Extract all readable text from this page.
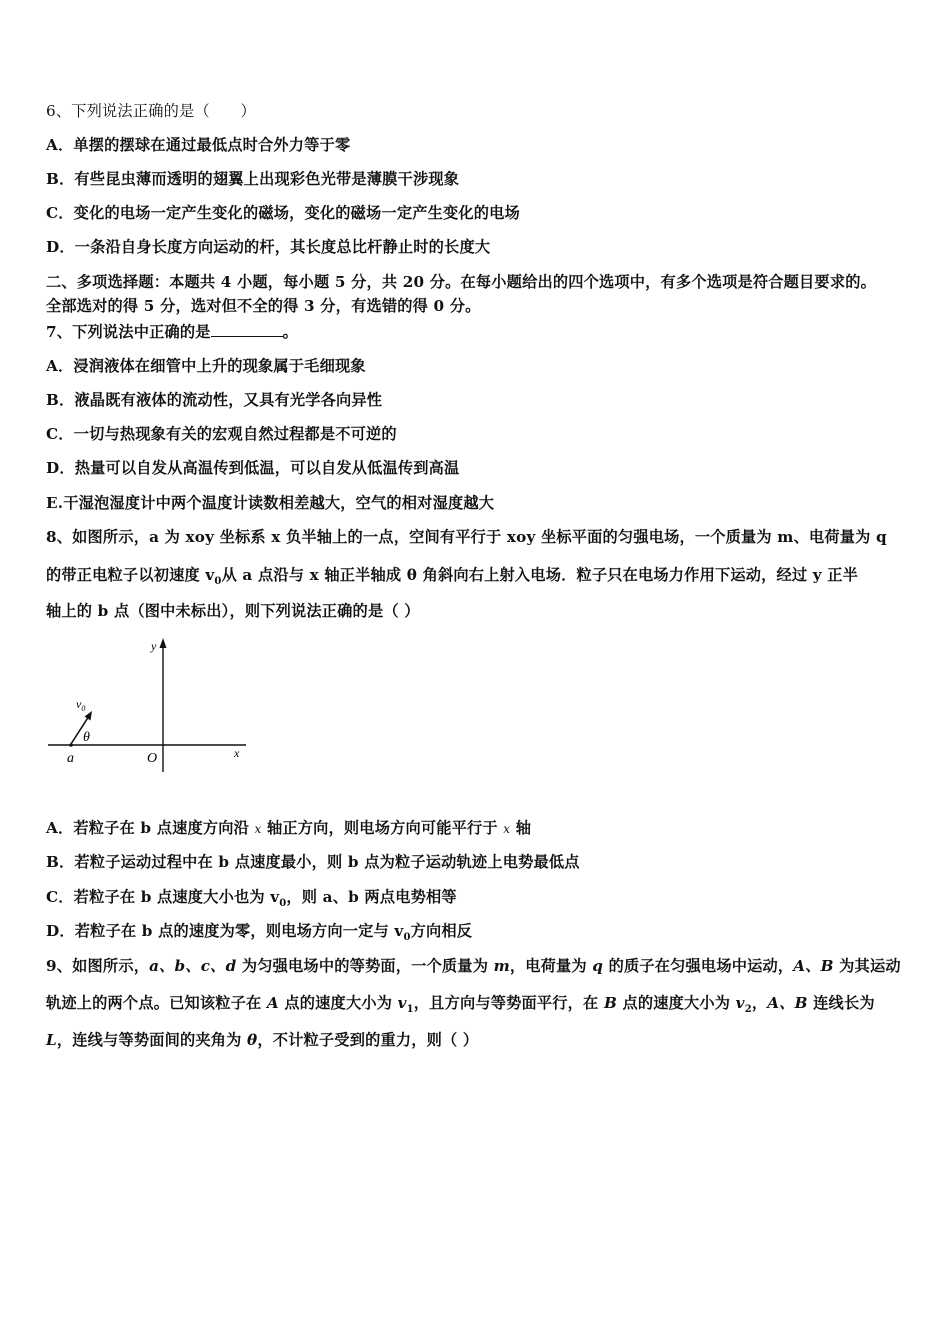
6、下列说法正确的是（　　）
A．单摆的摆球在通过最低点时合外力等于零
B．有些昆虫薄而透明的翅翼上出现彩色光带是薄膜干涉现象
C．变化的电场一定产生变化的磁场，变化的磁场一定产生变化的电场
D．一条沿自身长度方向运动的杆，其长度总比杆静止时的长度大
二、多项选择题：本题共 4 小题，每小题 5 分，共 20 分。在每小题给出的四个选项中，有多个选项是符合题目要求的。
全部选对的得 5 分，选对但不全的得 3 分，有选错的得 0 分。
7、下列说法中正确的是	。
A．浸润液体在细管中上升的现象属于毛细现象
B．液晶既有液体的流动性，又具有光学各向异性
C．一切与热现象有关的宏观自然过程都是不可逆的
D．热量可以自发从高温传到低温，可以自发从低温传到高温
E.干湿泡湿度计中两个温度计读数相差越大，空气的相对湿度越大
8、如图所示，a 为 xoy 坐标系 x 负半轴上的一点，空间有平行于 xoy 坐标平面的匀强电场，一个质量为 m、电荷量为 q
的带正电粒子以初速度 $v_0$从 a 点沿与 x 轴正半轴成 θ 角斜向右上射入电场．粒子只在电场力作用下运动，经过 y 正半
轴上的 b 点（图中未标出），则下列说法正确的是（ ）
y
x
O
a
$v_0$
θ
A．若粒子在 b 点速度方向沿 x 轴正方向，则电场方向可能平行于 x 轴
B．若粒子运动过程中在 b 点速度最小，则 b 点为粒子运动轨迹上电势最低点
C．若粒子在 b 点速度大小也为 $v_0$，则 a、b 两点电势相等
D．若粒子在 b 点的速度为零，则电场方向一定与 $v_0$方向相反
9、如图所示，a、b、c、d 为匀强电场中的等势面，一个质量为 m，电荷量为 q 的质子在匀强电场中运动，A、B 为其运动
轨迹上的两个点。已知该粒子在 A 点的速度大小为 $v_1$，且方向与等势面平行，在 B 点的速度大小为 $v_2$，A、B 连线长为
L，连线与等势面间的夹角为 θ，不计粒子受到的重力，则（ ）
